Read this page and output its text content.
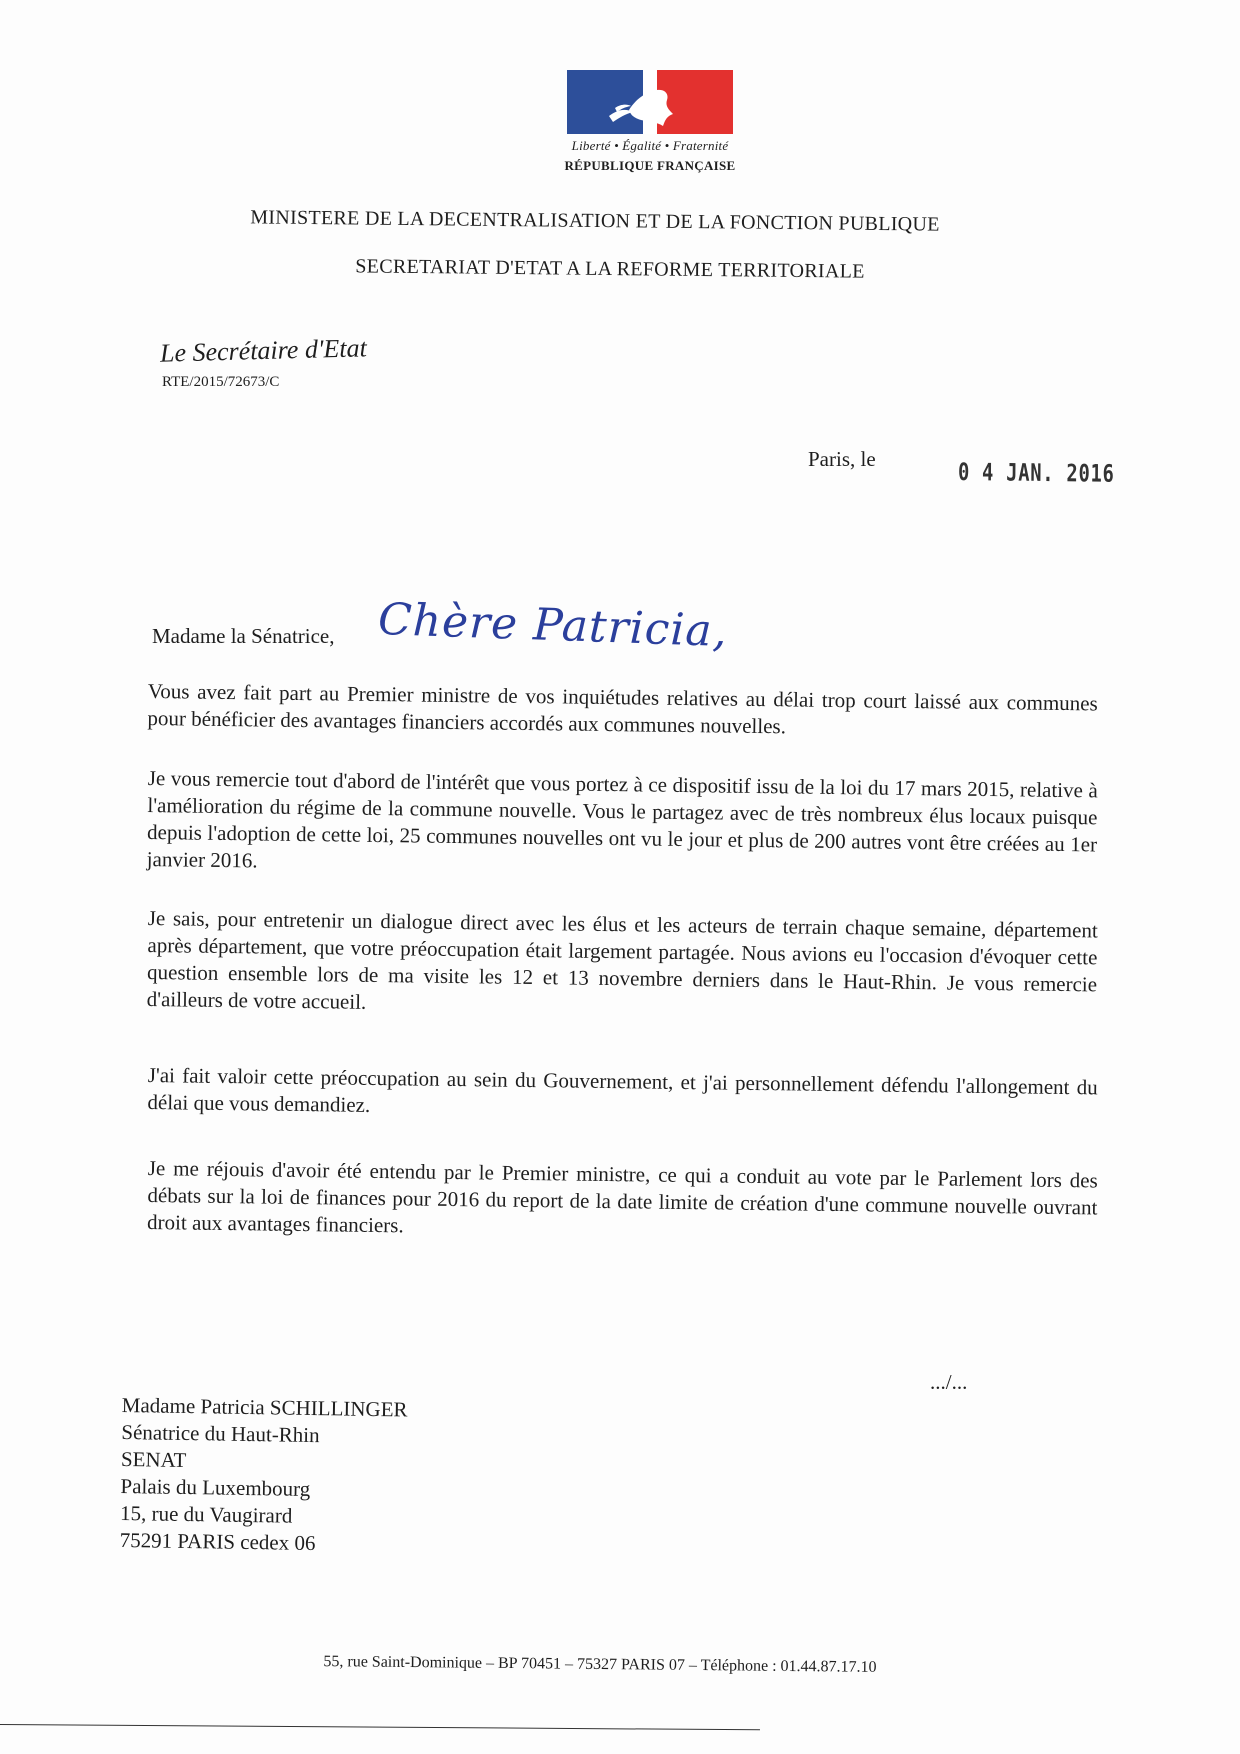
Liberté • Égalité • Fraternité
RÉPUBLIQUE FRANÇAISE
MINISTERE DE LA DECENTRALISATION ET DE LA FONCTION PUBLIQUE
SECRETARIAT D'ETAT A LA REFORME TERRITORIALE
Le Secrétaire d'Etat
RTE/2015/72673/C
Paris, le	0 4 JAN. 2016
Madame la Sénatrice, Chère Patricia,
Vous avez fait part au Premier ministre de vos inquiétudes relatives au délai trop court laissé aux communes pour bénéficier des avantages financiers accordés aux communes nouvelles.
Je vous remercie tout d'abord de l'intérêt que vous portez à ce dispositif issu de la loi du 17 mars 2015, relative à l'amélioration du régime de la commune nouvelle. Vous le partagez avec de très nombreux élus locaux puisque depuis l'adoption de cette loi, 25 communes nouvelles ont vu le jour et plus de 200 autres vont être créées au 1er janvier 2016.
Je sais, pour entretenir un dialogue direct avec les élus et les acteurs de terrain chaque semaine, département après département, que votre préoccupation était largement partagée. Nous avions eu l'occasion d'évoquer cette question ensemble lors de ma visite les 12 et 13 novembre derniers dans le Haut-Rhin. Je vous remercie d'ailleurs de votre accueil.
J'ai fait valoir cette préoccupation au sein du Gouvernement, et j'ai personnellement défendu l'allongement du délai que vous demandiez.
Je me réjouis d'avoir été entendu par le Premier ministre, ce qui a conduit au vote par le Parlement lors des débats sur la loi de finances pour 2016 du report de la date limite de création d'une commune nouvelle ouvrant droit aux avantages financiers.
.../...
Madame Patricia SCHILLINGER
Sénatrice du Haut-Rhin
SENAT
Palais du Luxembourg
15, rue du Vaugirard
75291 PARIS cedex 06
55, rue Saint-Dominique – BP 70451 – 75327 PARIS 07 – Téléphone : 01.44.87.17.10
